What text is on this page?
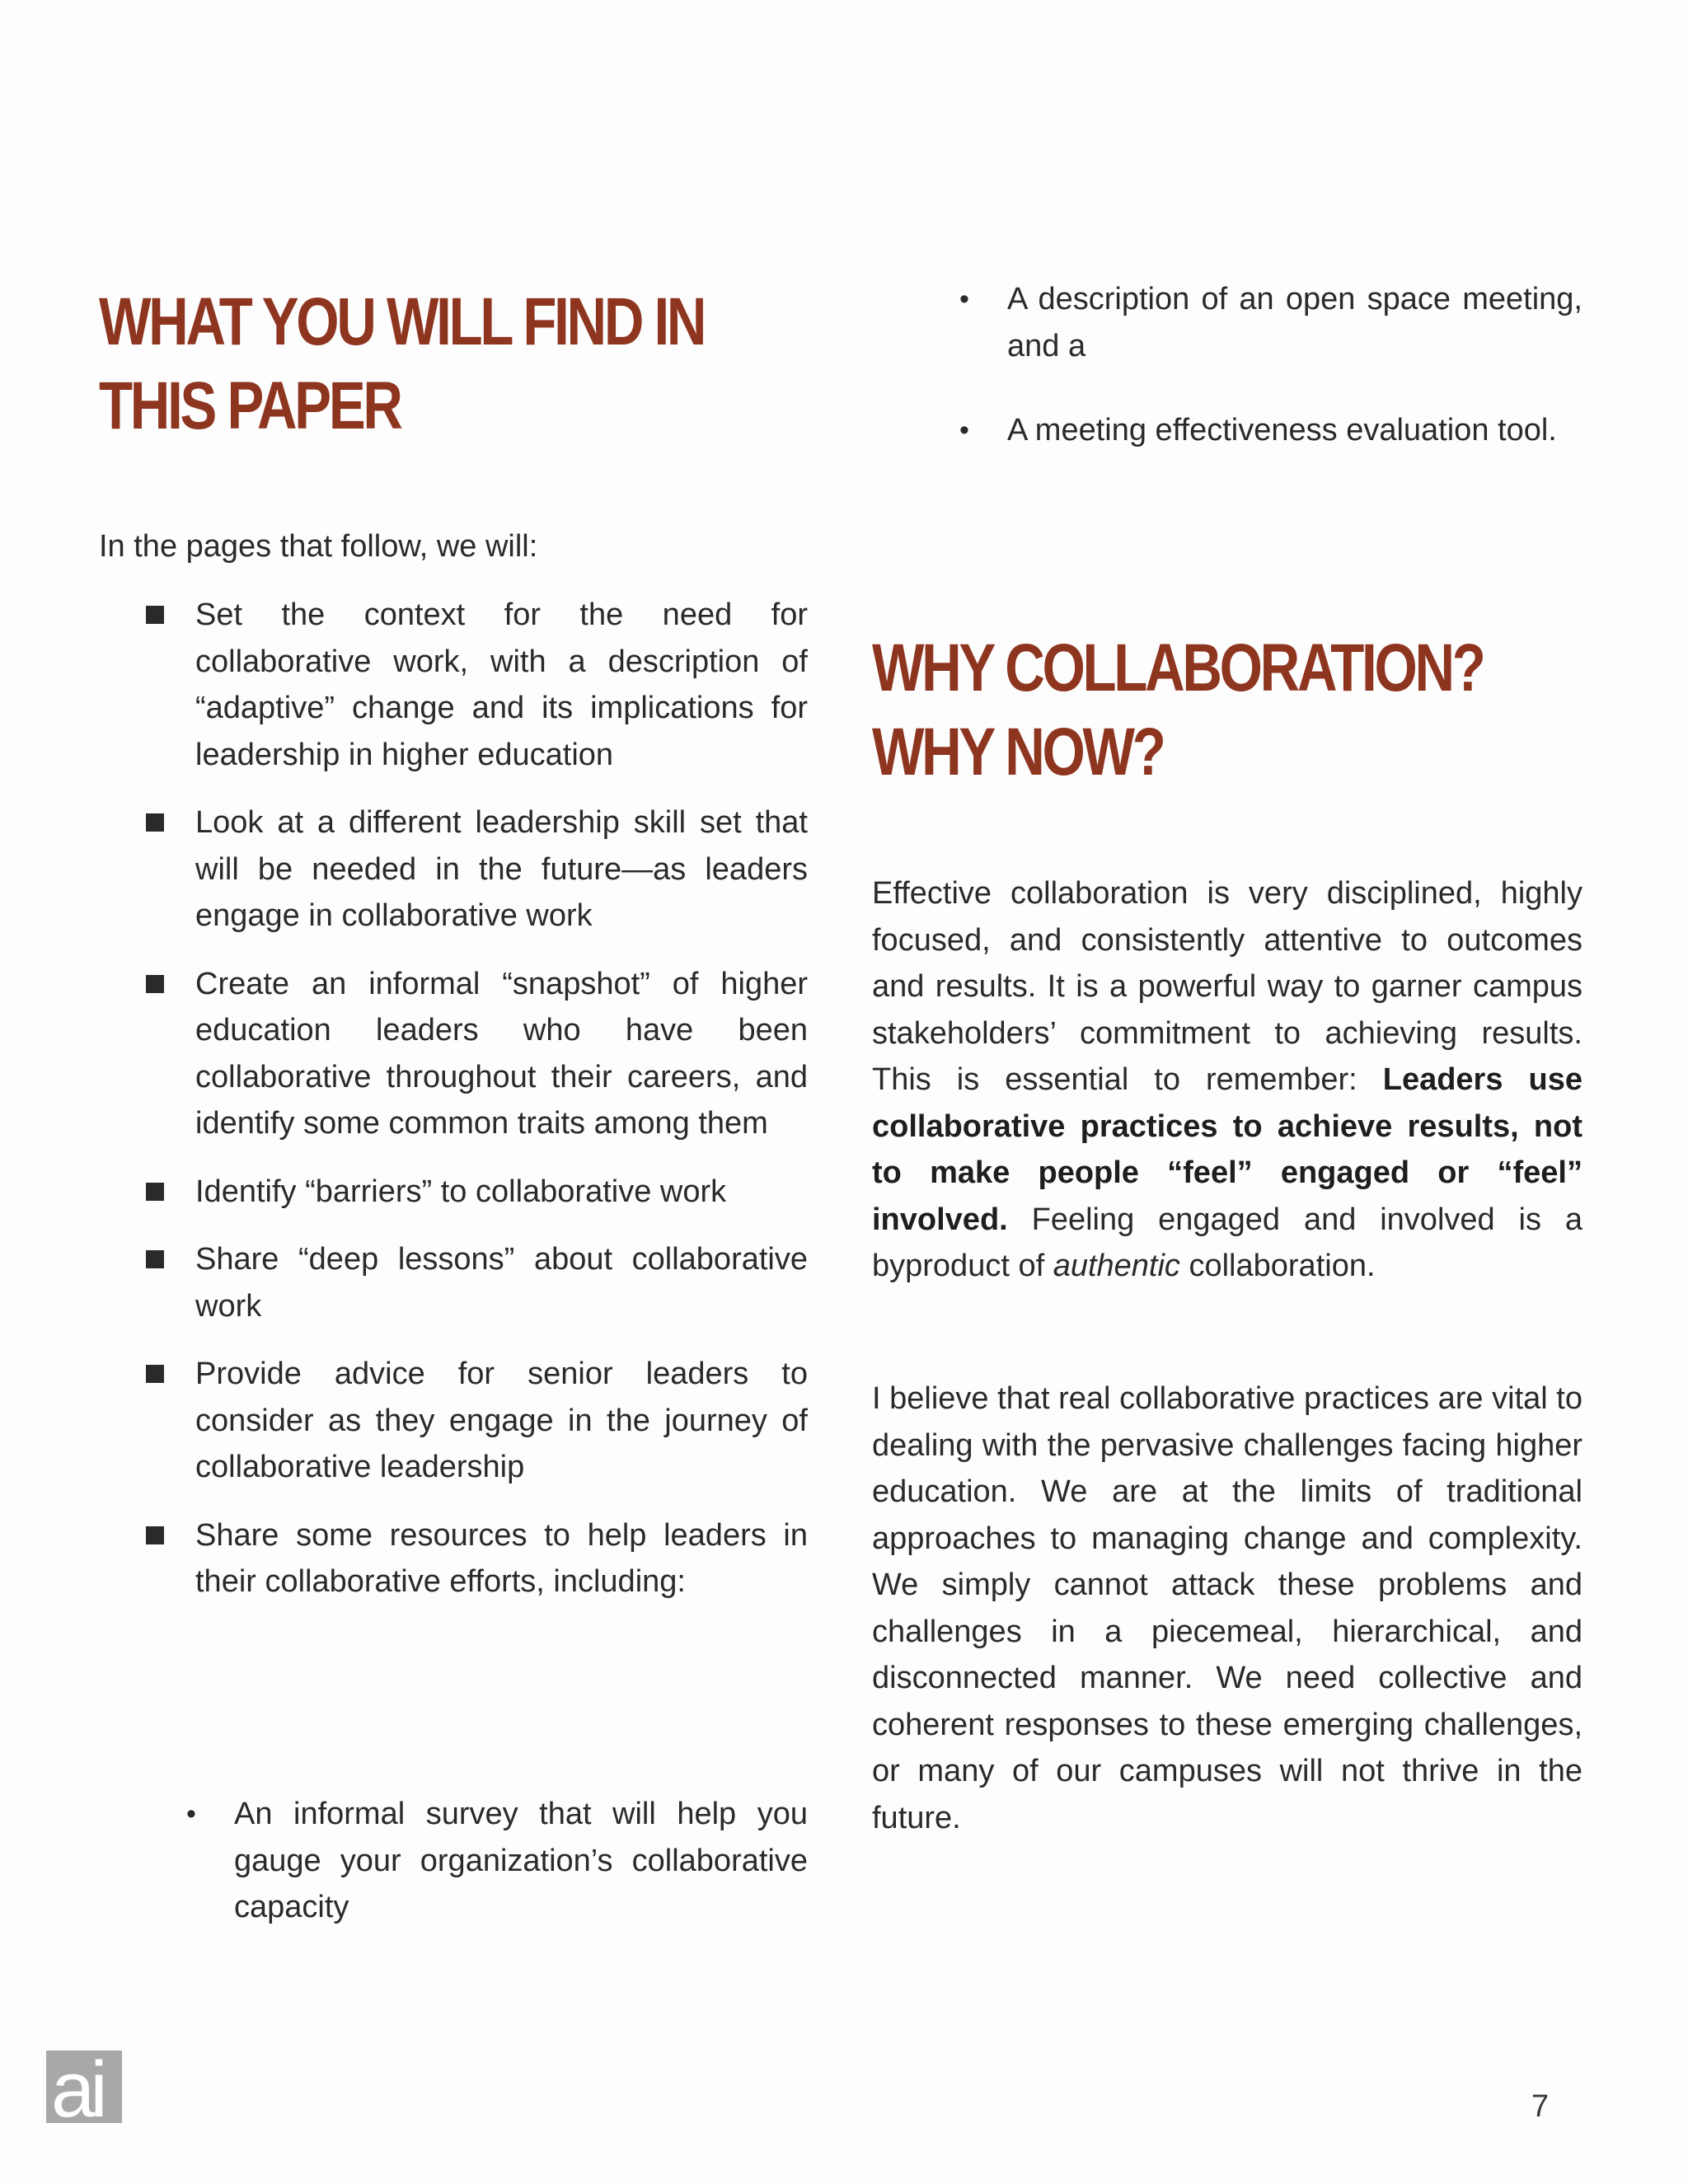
WHAT YOU WILL FIND IN
THIS PAPER

In the pages that follow, we will:

Set the context for the need for collaborative work, with a description of “adaptive” change and its implications for leadership in higher education
Look at a different leadership skill set that will be needed in the future—as leaders engage in collaborative work
Create an informal “snapshot” of higher education leaders who have been collaborative throughout their careers, and identify some common traits among them
Identify “barriers” to collaborative work
Share “deep lessons” about collaborative work
Provide advice for senior leaders to consider as they engage in the journey of collaborative leadership
Share some resources to help leaders in their collaborative efforts, including:
• An informal survey that will help you gauge your organization’s collaborative capacity
• A description of an open space meeting, and a
• A meeting effectiveness evaluation tool.
WHY COLLABORATION?
WHY NOW?

Effective collaboration is very disciplined, highly focused, and consistently attentive to outcomes and results. It is a powerful way to garner campus stakeholders’ commitment to achieving results. This is essential to remember: Leaders use collaborative practices to achieve results, not to make people “feel” engaged or “feel” involved. Feeling engaged and involved is a byproduct of authentic collaboration.

I believe that real collaborative practices are vital to dealing with the pervasive challenges facing higher education. We are at the limits of traditional approaches to managing change and complexity. We simply cannot attack these problems and challenges in a piecemeal, hierarchical, and disconnected manner. We need collective and coherent responses to these emerging challenges, or many of our campuses will not thrive in the future.

ai	7
